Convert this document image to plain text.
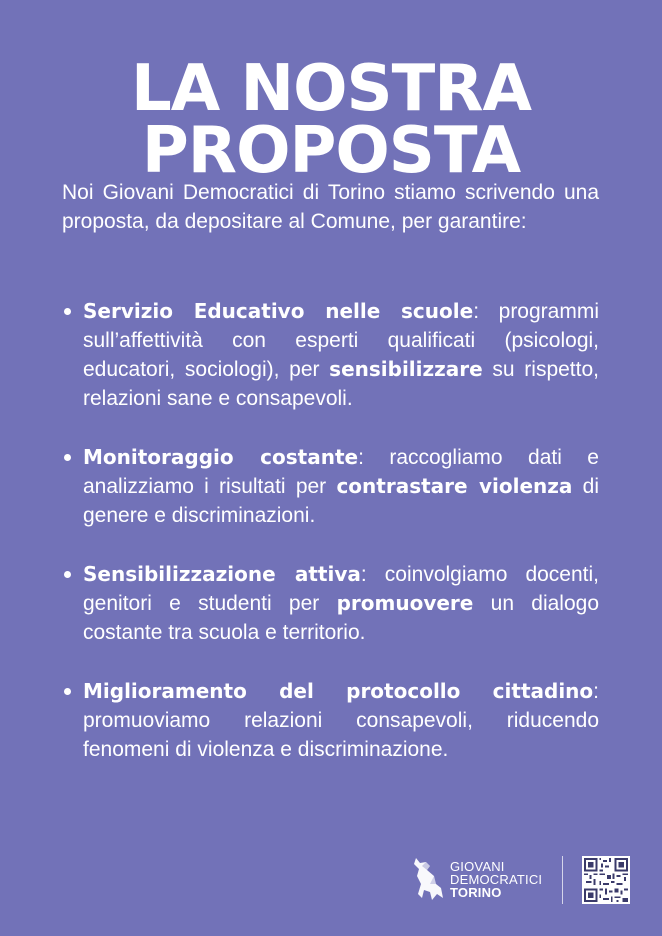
LA NOSTRA
PROPOSTA
Noi Giovani Democratici di Torino stiamo scrivendo una proposta, da depositare al Comune, per garantire:
Servizio Educativo nelle scuole: programmi sull’affettività con esperti qualificati (psicologi, educatori, sociologi), per sensibilizzare su rispetto, relazioni sane e consapevoli.
Monitoraggio costante: raccogliamo dati e analizziamo i risultati per contrastare violenza di genere e discriminazioni.
Sensibilizzazione attiva: coinvolgiamo docenti, genitori e studenti per promuovere un dialogo costante tra scuola e territorio.
Miglioramento del protocollo cittadino: promuoviamo relazioni consapevoli, riducendo fenomeni di violenza e discriminazione.
GIOVANI
DEMOCRATICI
TORINO
